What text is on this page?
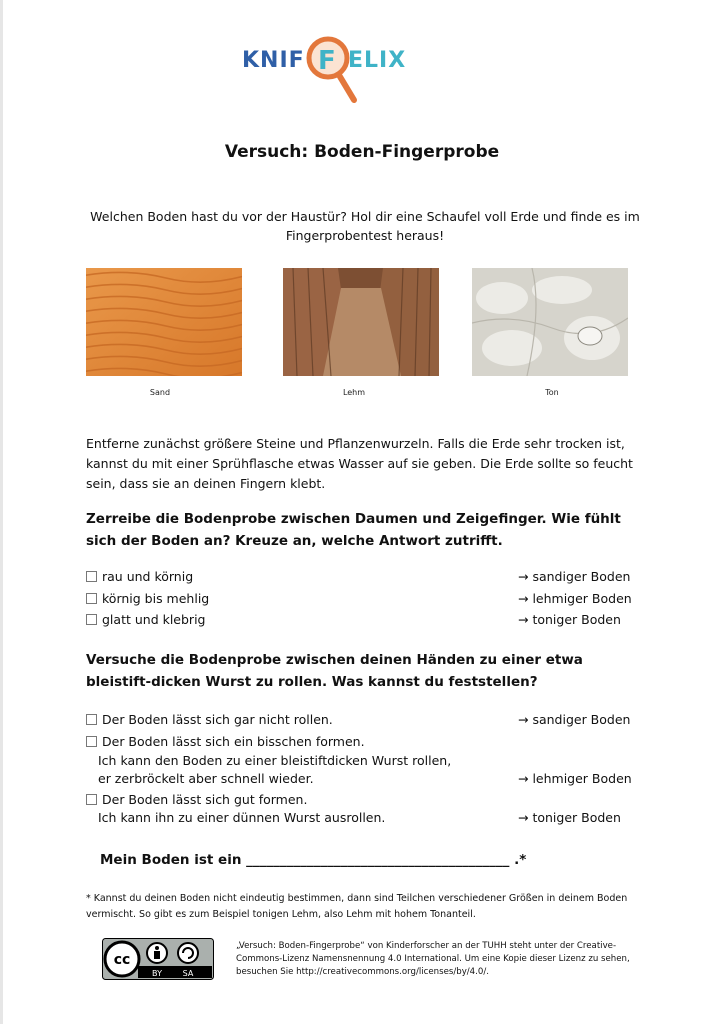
KNIF F ELIX
Versuch: Boden-Fingerprobe
Welchen Boden hast du vor der Haustür? Hol dir eine Schaufel voll Erde und finde es im Fingerprobentest heraus!
Sand	Lehm	Ton
Entferne zunächst größere Steine und Pflanzenwurzeln. Falls die Erde sehr trocken ist, kannst du mit einer Sprühflasche etwas Wasser auf sie geben. Die Erde sollte so feucht sein, dass sie an deinen Fingern klebt.
Zerreibe die Bodenprobe zwischen Daumen und Zeigefinger. Wie fühlt sich der Boden an? Kreuze an, welche Antwort zutrifft.
rau und körnig	→ sandiger Boden
körnig bis mehlig	→ lehmiger Boden
glatt und klebrig	→ toniger Boden
Versuche die Bodenprobe zwischen deinen Händen zu einer etwa bleistift-dicken Wurst zu rollen. Was kannst du feststellen?
Der Boden lässt sich gar nicht rollen.	→ sandiger Boden
Der Boden lässt sich ein bisschen formen.
Ich kann den Boden zu einer bleistiftdicken Wurst rollen,
er zerbröckelt aber schnell wieder.	→ lehmiger Boden
Der Boden lässt sich gut formen.
Ich kann ihn zu einer dünnen Wurst ausrollen.	→ toniger Boden
Mein Boden ist ein _______________________________________ .*
* Kannst du deinen Boden nicht eindeutig bestimmen, dann sind Teilchen verschiedener Größen in deinem Boden vermischt. So gibt es zum Beispiel tonigen Lehm, also Lehm mit hohem Tonanteil.
cc
BY	SA
„Versuch: Boden-Fingerprobe“ von Kinderforscher an der TUHH steht unter der Creative-Commons-Lizenz Namensnennung 4.0 International. Um eine Kopie dieser Lizenz zu sehen, besuchen Sie http://creativecommons.org/licenses/by/4.0/.
